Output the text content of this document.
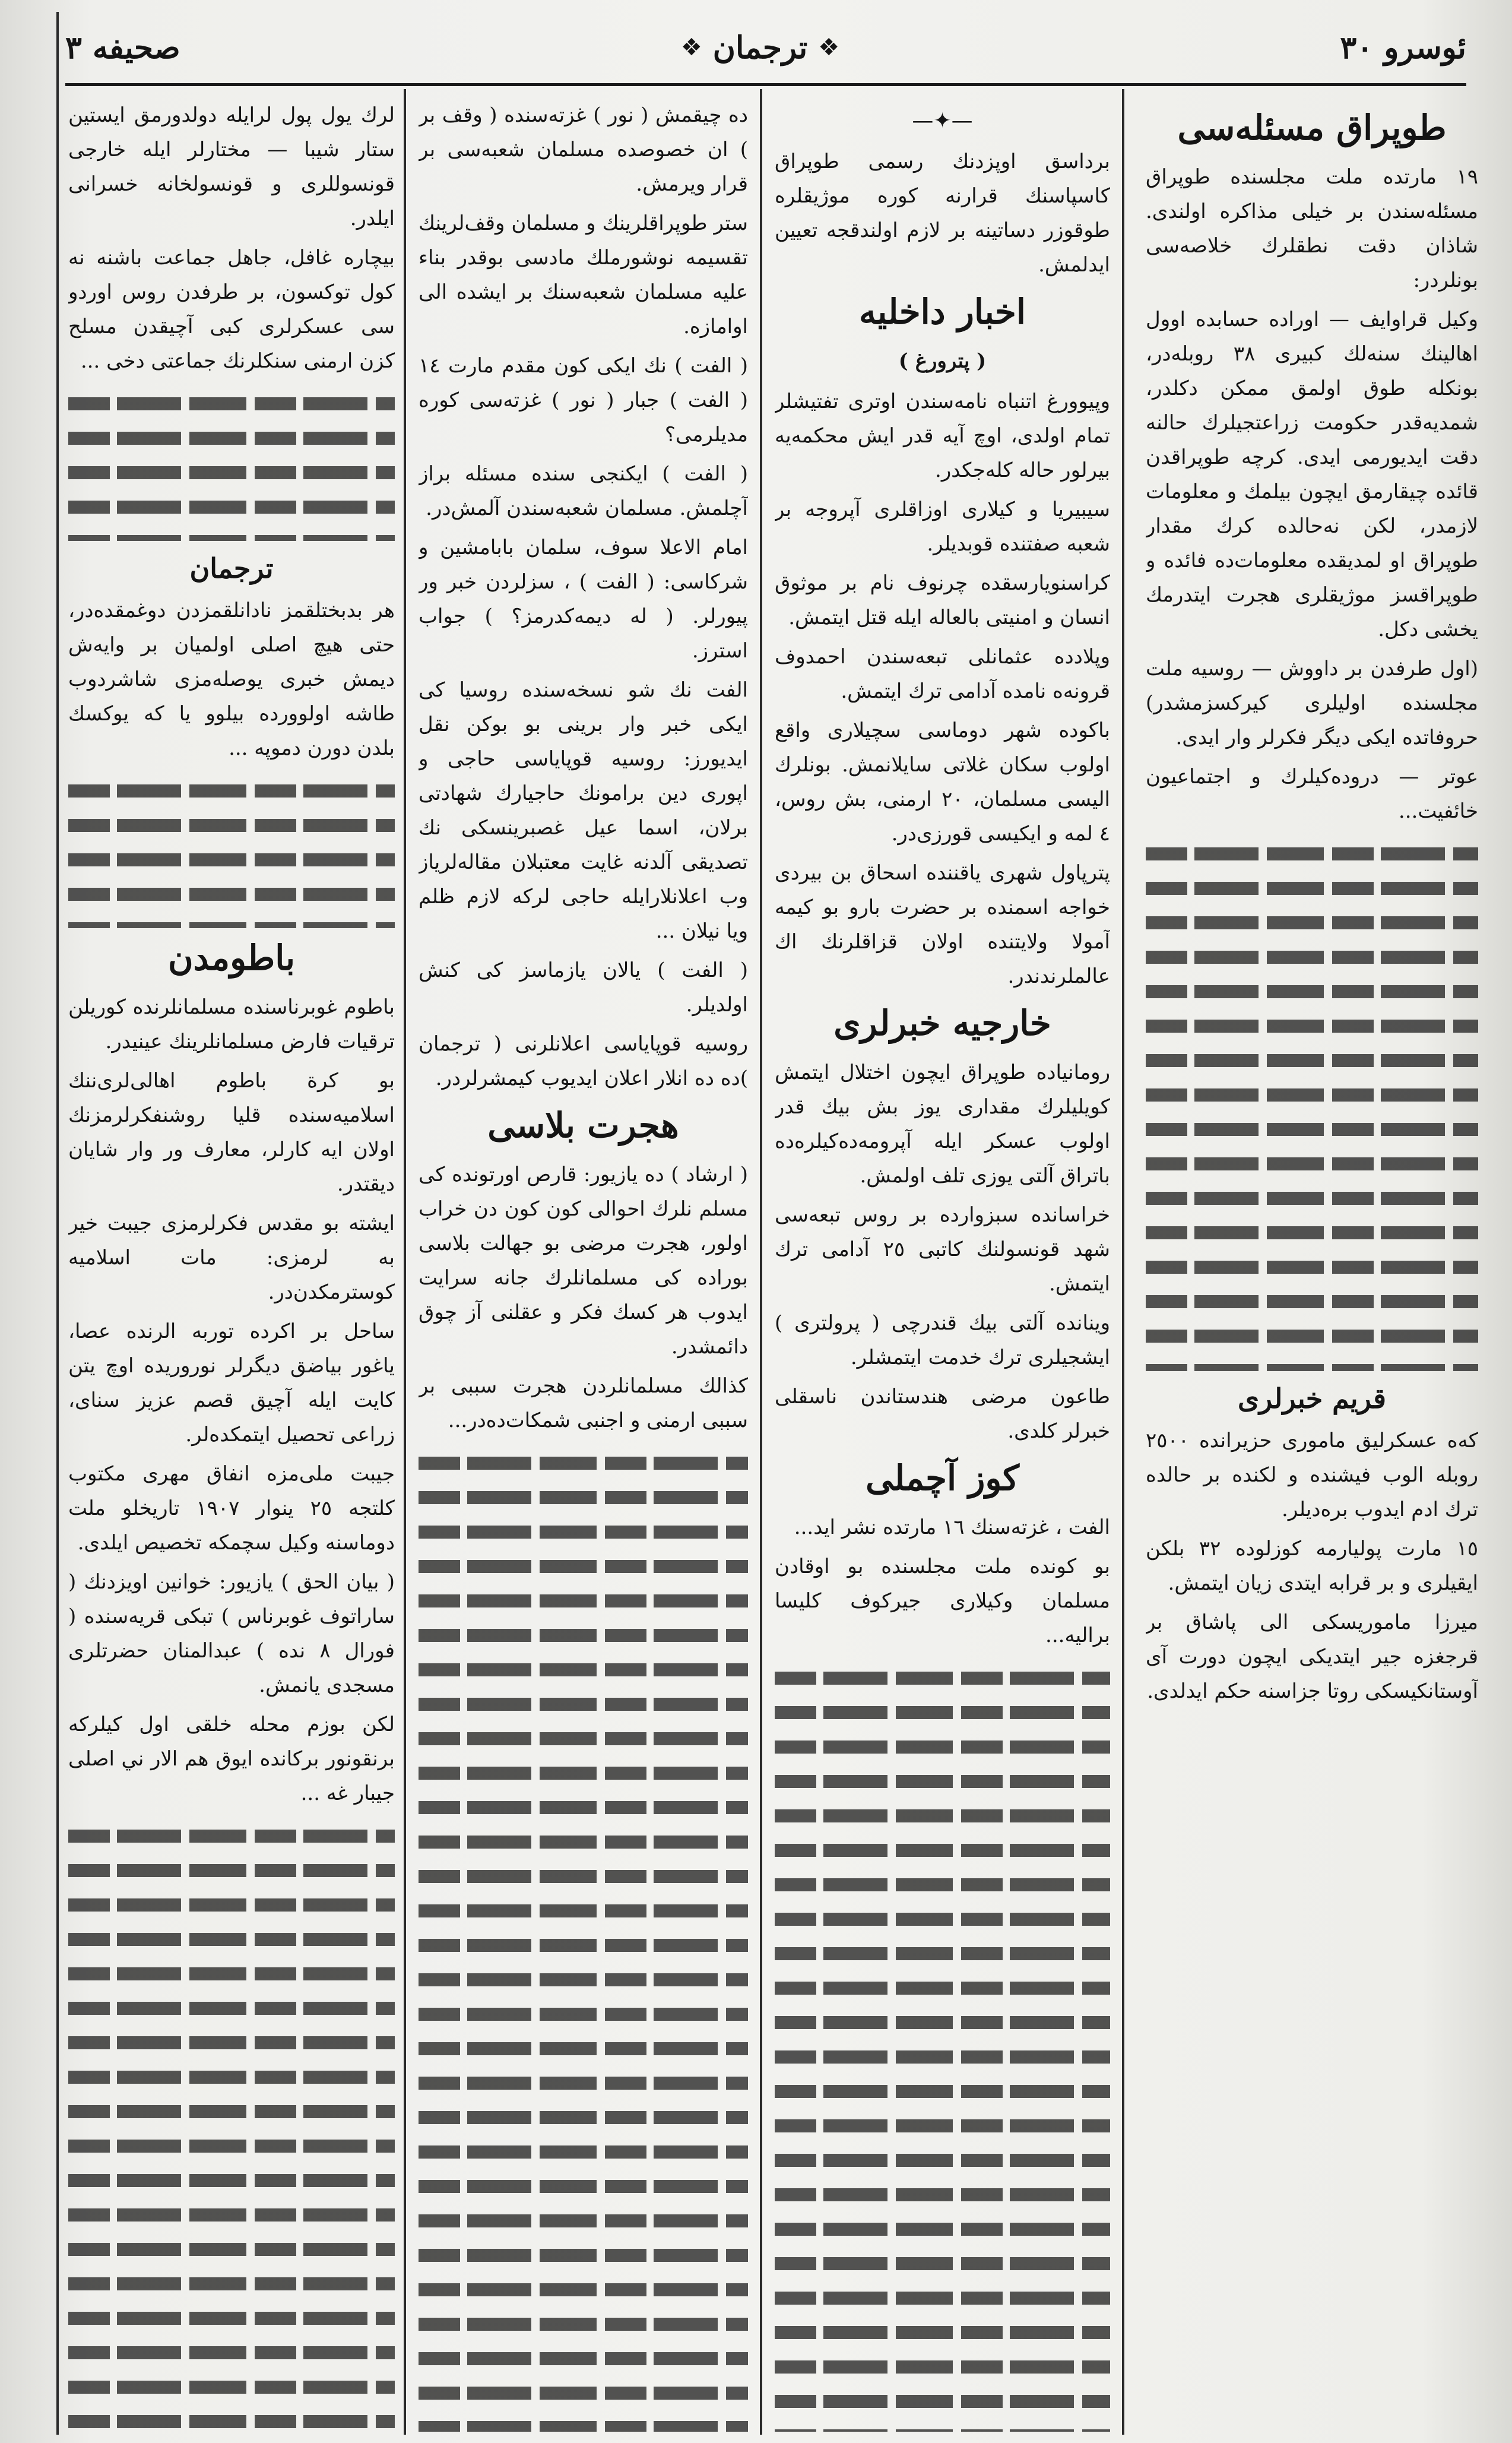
ئوسرو ٣٠
❖
ترجمان
❖
صحيفه ٣
طوپراق مسئله‌سی

١٩ مارتده ملت مجلسنده طوپراق مسئله‌سندن بر خيلی مذاکره اولندی. شاذان دقت نطقلرك خلاصه‌سی بونلردر:

وكيل قراوايف — اوراده حسابده اوول اهالينك سنه‌لك كبيرى ٣٨ روبله‌در، بونكله طوق اولمق ممكن دكلدر، شمديه‌قدر حكومت زراعتجيلرك حالنه دقت ايديورمی ايدی. كرچه طوپراقدن قائده چيقارمق ايچون بيلمك و معلومات لازمدر، لكن نه‌حالده كرك مقدار طوپراق او لمديقده معلومات‌ده فائده و طوپراقسز موژيقلری هجرت ايتدرمك يخشی دكل.

(اول طرفدن بر داووش — روسيه ملت مجلسنده اوليلرى كيركسزمشدر) حروفاتده ايكی ديگر فكرلر وار ايدی.

عوتر — دروده‌كيلرك و اجتماعيون خائفيت...

قريم خبرلرى

كه‌ه عسكرليق ماموری حزيرانده ٢٥٠٠ روبله الوب فيشنده و لكنده بر حالده ترك ادم ايدوب بره‌ديلر.

١٥ مارت پوليارمه كوزلوده ٣٢ بلكن ايقيلری و بر قرابه ايتدی زيان ايتمش.

ميرزا ماموريسكی الى پاشاق بر قرجغزه جير ايتديكی ايچون دورت آی آوستانكيسكی روتا جزاسنه حكم ايدلدی.

—✦—

برداسق اوپزدنك رسمی طوپراق كاسپاسنك قرارنه كوره موژيقلره طوقوزر دساتينه بر لازم اولندقجه تعيين ايدلمش.

اخبار داخليه
( پترورغ )

وپيوورغ اتنباه نامه‌سندن اوتری تفتيشلر تمام اولدی، اوچ آيه قدر ايش محكمه‌يه بيرلور حاله كله‌جكدر.

سيبيريا و كيلاری اوزاقلری آپروجه بر شعبه صفتنده قوبديلر.

كراسنويارسقده چرنوف نام بر موثوق انسان و امنيتی بالعاله ايله قتل ايتمش.

وپلادده عثمانلی تبعه‌سندن احمدوف قرونه‌ه نامده آدامی ترك ايتمش.

باكوده شهر دوماسی سچيلاری واقع اولوب سكان غلاتی سايلانمش. بونلرك اليسی مسلمان، ٢٠ ارمنی، بش روس، ٤ لمه و ايكيسی قورزی‌در.

پترپاول شهرى ياقننده اسحاق بن بيردی خواجه اسمنده بر حضرت بارو بو كيمه آمولا ولايتنده اولان قزاقلرنك اك عالملرندندر.

خارجيه خبرلرى

رومانياده طوپراق ايچون اختلال ايتمش كويليلرك مقدارى يوز بش بيك قدر اولوب عسكر ايله آپرومه‌ده‌كيلره‌ده باتراق آلتی يوزى تلف اولمش.

خراسانده سبزوارده بر روس تبعه‌سی شهد قونسولنك كاتبی ٢٥ آدامی ترك ايتمش.

وينانده آلتی بيك قندرچی ( پرولتری ) ايشجيلری ترك خدمت ايتمشلر.

طاعون مرضی هندستاندن ناسقلی خبرلر كلدی.

كوز آچملى

الفت ، غزته‌سنك ١٦ مارتده نشر ايد...

بو كونده ملت مجلسنده بو اوقادن مسلمان وكيلاری جيركوف كليسا براليه...

ده چيقمش ( نور ) غزته‌سنده ( وقف بر ) ان خصوصده مسلمان شعبه‌سی بر قرار ويرمش.

ستر طوپراقلرينك و مسلمان وقف‌لرينك تقسيمه نوشورملك مادسی بوقدر بناء عليه مسلمان شعبه‌سنك بر ايشده الى اوامازه.

( الفت ) نك ايكی كون مقدم مارت ١٤ ( الفت ) جبار ( نور ) غزته‌سی كوره مديلرمی؟

( الفت ) ايكنجی سنده مسئله براز آچلمش. مسلمان شعبه‌سندن آلمش‌در.

امام الاعلا سوف، سلمان بابامشين و شركاسی: ( الفت ) ، سزلردن خبر ور پيورلر. ( له ديمه‌كدرمز؟ ) جواب استرز.

الفت نك شو نسخه‌سنده روسيا كی ايكی خبر وار برينی بو بوكن نقل ايديورز: روسيه قوپاياسی حاجی و اپوری دين برامونك حاجيارك شهادتی برلان، اسما عيل غصبرينسكی نك تصديقی آلدنه غايت معتبلان مقاله‌لرياز وب اعلانلارايله حاجی لركه لازم ظلم ويا نيلان ...

( الفت ) يالان يازماسز كی كنش اولديلر.

روسيه قوپاياسی اعلانلرنی ( ترجمان )ده ده انلار اعلان ايديوب كيمشرلردر.

هجرت بلاسى

( ارشاد ) ده يازيور: قارص اورتونده كی مسلم نلرك احوالی كون كون دن خراب اولور، هجرت مرضی بو جهالت بلاسی بوراده كی مسلمانلرك جانه سرايت ايدوب هر كسك فكر و عقلنی آز چوق دائمشدر.

كذالك مسلمانلردن هجرت سببی بر سببی ارمنی و اجنبی شمكات‌ده‌در...

لرك يول پول لرايله دولدورمق ايستين ستار شيبا — مختارلر ايله خارجی قونسوللری و قونسولخانه خسرانی ايلدر.

بيچاره غافل، جاهل جماعت باشنه نه كول توكسون، بر طرفدن روس اوردو سی عسكرلری كبی آچيقدن مسلح كزن ارمنی سنكلرنك جماعتی دخی ...

ترجمان

هر بدبختلقمز نادانلقمزدن دوغمقده‌در، حتی هيچ اصلی اولميان بر وايه‌ش ديمش خبری يوصله‌مزی شاشردوب طاشه اولوورده بيلوو يا كه يوكسك بلدن دورن دموپه ...

باطومدن

باطوم غوبرناسنده مسلمانلرنده كوريلن ترقيات فارض مسلمانلرينك عينيدر.

بو كرة باطوم اهالی‌لری‌ننك اسلاميه‌سنده قليا روشنفكرلرمزنك اولان ايه كارلر، معارف ور وار شايان ديقتدر.

ايشته بو مقدس فكرلرمزی جيبت خير به لرمزی: مات اسلاميه كوسترمكدن‌در.

ساحل بر اكرده توربه الرنده عصا، ياغور بياضق ديگرلر نوروريده اوچ يتن كايت ايله آچيق قصم عزيز سنای، زراعی تحصيل ايتمكده‌لر.

جيبت ملی‌مزه انفاق مهرى مكتوب كلتجه ٢٥ ينوار ١٩٠٧ تاريخلو ملت دوماسنه وكيل سچمكه تخصيص ايلدی.

( بيان الحق ) يازيور: خوانين اويزدنك ( ساراتوف غوبرناس ) تبكی قريه‌سنده ( فورال ٨ نده ) عبدالمنان حضرتلری مسجدی يانمش.

لكن بوزم محله خلقی اول كيلركه برنقونور بركانده ايوق هم الار ني اصلی جيبار غه ...
